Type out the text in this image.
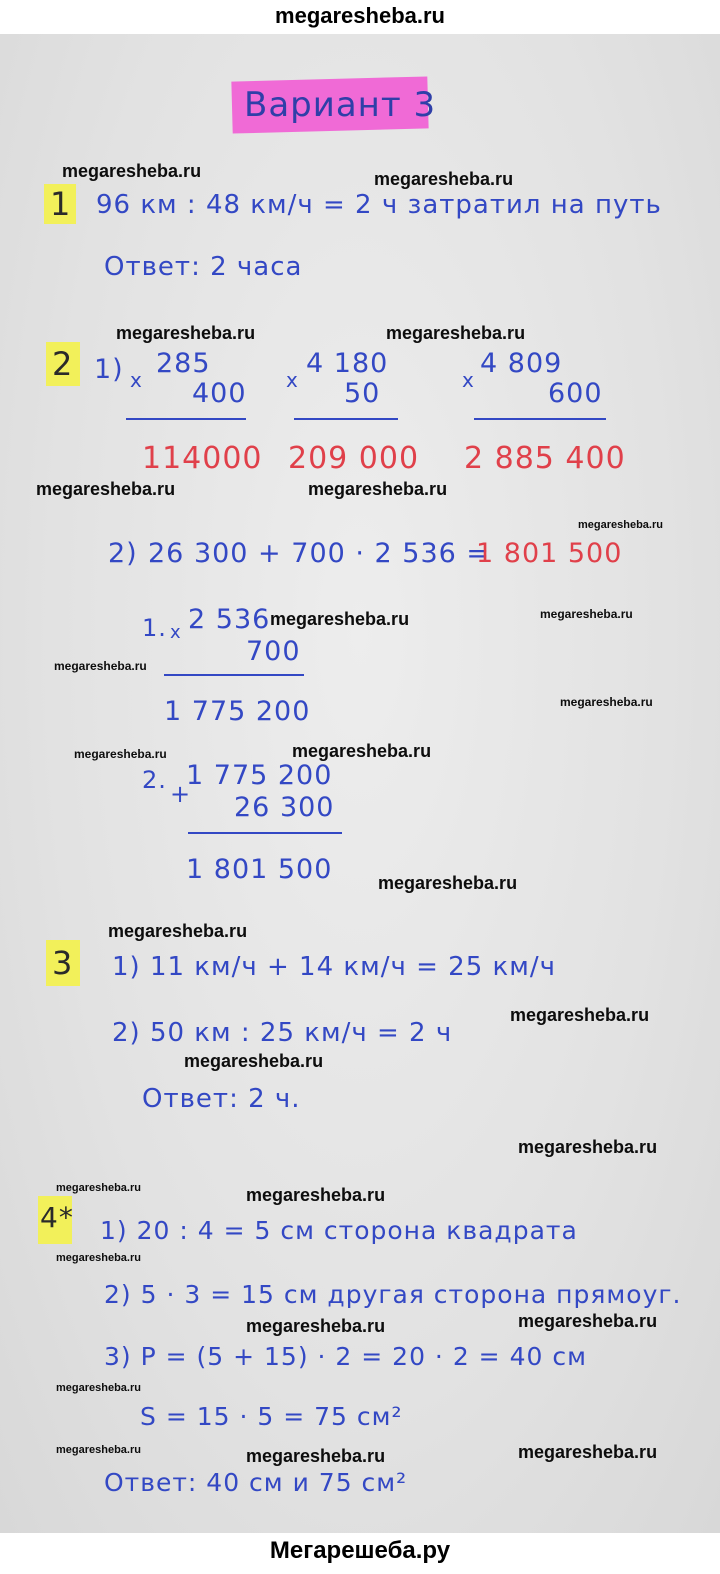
megaresheba.ru
Вариант 3
megaresheba.ru	megaresheba.ru
megaresheba.ru	megaresheba.ru
megaresheba.ru	megaresheba.ru
megaresheba.ru
megaresheba.ru	megaresheba.ru
megaresheba.ru
megaresheba.ru
megaresheba.ru	megaresheba.ru
megaresheba.ru
megaresheba.ru
megaresheba.ru
megaresheba.ru
megaresheba.ru
megaresheba.ru	megaresheba.ru
megaresheba.ru
megaresheba.ru	megaresheba.ru
megaresheba.ru
megaresheba.ru	megaresheba.ru	megaresheba.ru
1 96 км : 48 км/ч = 2 ч затратил на путь
Ответ: 2 часа
2 1) x
285
400
114000
x
4 180
50
209 000
x
4 809
600
2 885 400
2) 26 300 + 700 · 2 536 =
1 801 500
1. x 2 536
700
1 775 200
2. +
1 775 200
26 300
1 801 500
3 1) 11 км/ч + 14 км/ч = 25 км/ч
2) 50 км : 25 км/ч = 2 ч
Ответ: 2 ч.
4* 1) 20 : 4 = 5 см сторона квадрата
2) 5 · 3 = 15 см другая сторона прямоуг.
3) P = (5 + 15) · 2 = 20 · 2 = 40 см
S = 15 · 5 = 75 см²
Ответ: 40 см и 75 см²
Мегарешеба.ру
